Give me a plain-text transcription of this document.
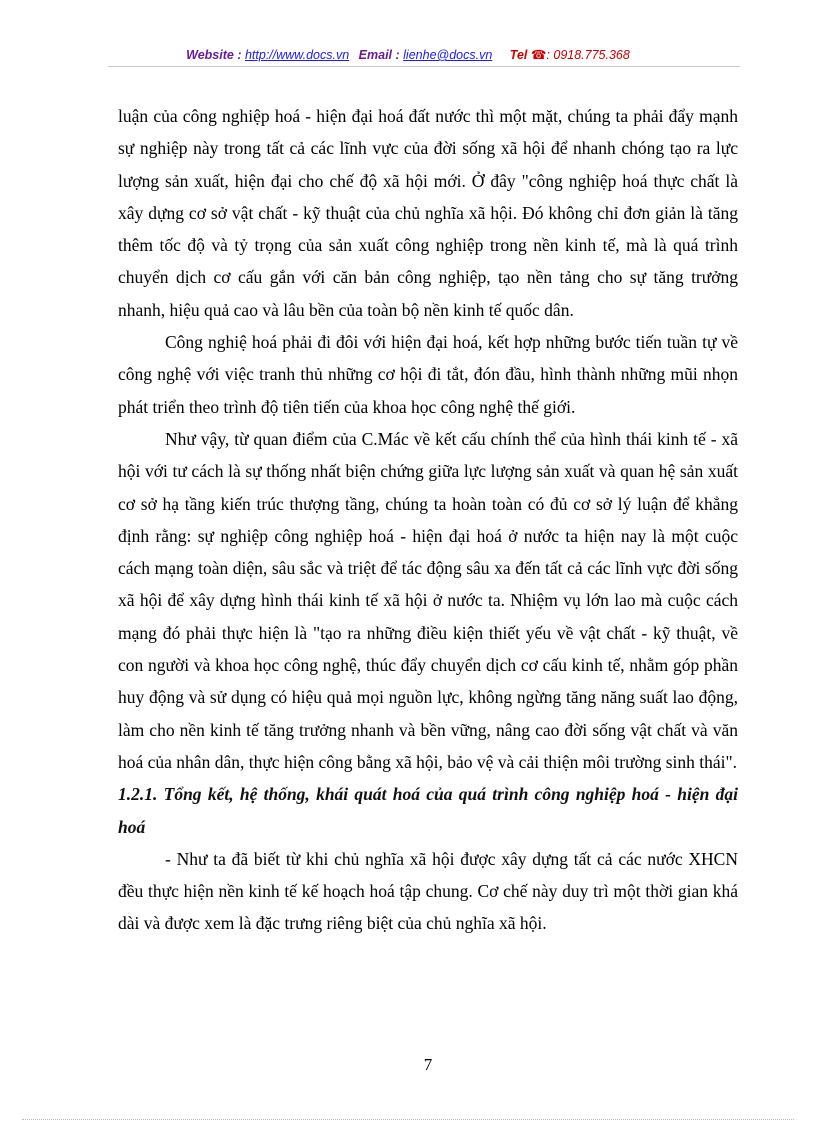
Website : http://www.docs.vn Email : lienhe@docs.vn Tel ☎: 0918.775.368

luận của công nghiệp hoá - hiện đại hoá đất nước thì một mặt, chúng ta phải đẩy mạnh sự nghiệp này trong tất cả các lĩnh vực của đời sống xã hội để nhanh chóng tạo ra lực lượng sản xuất, hiện đại cho chế độ xã hội mới. Ở đây "công nghiệp hoá thực chất là xây dựng cơ sở vật chất - kỹ thuật của chủ nghĩa xã hội. Đó không chỉ đơn giản là tăng thêm tốc độ và tỷ trọng của sản xuất công nghiệp trong nền kinh tế, mà là quá trình chuyển dịch cơ cấu gắn với căn bản công nghiệp, tạo nền tảng cho sự tăng trưởng nhanh, hiệu quả cao và lâu bền của toàn bộ nền kinh tế quốc dân.

Công nghiệ hoá phải đi đôi với hiện đại hoá, kết hợp những bước tiến tuần tự về công nghệ với việc tranh thủ những cơ hội đi tắt, đón đầu, hình thành những mũi nhọn phát triển theo trình độ tiên tiến của khoa học công nghệ thế giới.

Như vậy, từ quan điểm của C.Mác về kết cấu chính thể của hình thái kinh tế - xã hội với tư cách là sự thống nhất biện chứng giữa lực lượng sản xuất và quan hệ sản xuất cơ sở hạ tầng kiến trúc thượng tầng, chúng ta hoàn toàn có đủ cơ sở lý luận để khẳng định rằng: sự nghiệp công nghiệp hoá - hiện đại hoá ở nước ta hiện nay là một cuộc cách mạng toàn diện, sâu sắc và triệt để tác động sâu xa đến tất cả các lĩnh vực đời sống xã hội để xây dựng hình thái kinh tế xã hội ở nước ta. Nhiệm vụ lớn lao mà cuộc cách mạng đó phải thực hiện là "tạo ra những điều kiện thiết yếu về vật chất - kỹ thuật, về con người và khoa học công nghệ, thúc đẩy chuyển dịch cơ cấu kinh tế, nhằm góp phần huy động và sử dụng có hiệu quả mọi nguồn lực, không ngừng tăng năng suất lao động, làm cho nền kinh tế tăng trưởng nhanh và bền vững, nâng cao đời sống vật chất và văn hoá của nhân dân, thực hiện công bằng xã hội, bảo vệ và cải thiện môi trường sinh thái".

1.2.1. Tổng kết, hệ thống, khái quát hoá của quá trình công nghiệp hoá - hiện đại hoá

- Như ta đã biết từ khi chủ nghĩa xã hội được xây dựng tất cả các nước XHCN đều thực hiện nền kinh tế kế hoạch hoá tập chung. Cơ chế này duy trì một thời gian khá dài và được xem là đặc trưng riêng biệt của chủ nghĩa xã hội.

7
